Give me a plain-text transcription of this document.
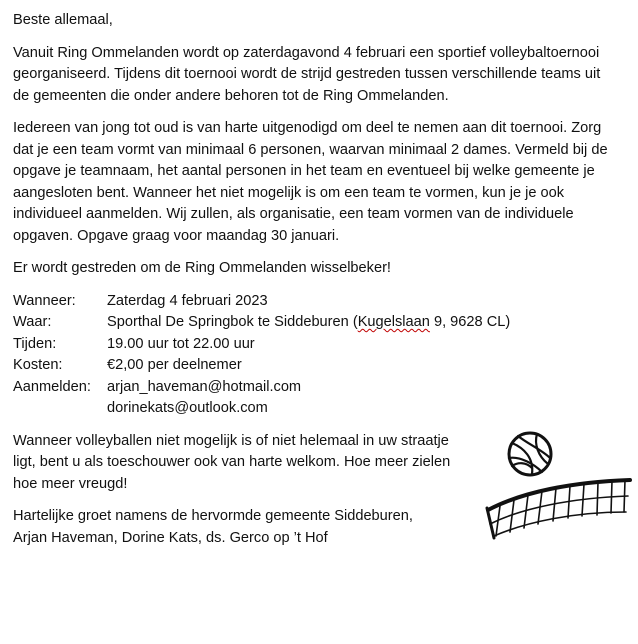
Beste allemaal,

Vanuit Ring Ommelanden wordt op zaterdagavond 4 februari een sportief volleybaltoernooi georganiseerd. Tijdens dit toernooi wordt de strijd gestreden tussen verschillende teams uit de gemeenten die onder andere behoren tot de Ring Ommelanden.

Iedereen van jong tot oud is van harte uitgenodigd om deel te nemen aan dit toernooi. Zorg dat je een team vormt van minimaal 6 personen, waarvan minimaal 2 dames. Vermeld bij de opgave je teamnaam, het aantal personen in het team en eventueel bij welke gemeente je aangesloten bent. Wanneer het niet mogelijk is om een team te vormen, kun je je ook individueel aanmelden. Wij zullen, als organisatie, een team vormen van de individuele opgaven. Opgave graag voor maandag 30 januari.

Er wordt gestreden om de Ring Ommelanden wisselbeker!

Wanneer:	Zaterdag 4 februari 2023
Waar:	Sporthal De Springbok te Siddeburen (Kugelslaan 9, 9628 CL)
Tijden:	19.00 uur tot 22.00 uur
Kosten:	€2,00 per deelnemer
Aanmelden:	arjan_haveman@hotmail.com
dorinekats@outlook.com

Wanneer volleyballen niet mogelijk is of niet helemaal in uw straatje ligt, bent u als toeschouwer ook van harte welkom. Hoe meer zielen hoe meer vreugd!

Hartelijke groet namens de hervormde gemeente Siddeburen,
Arjan Haveman, Dorine Kats, ds. Gerco op ’t Hof
